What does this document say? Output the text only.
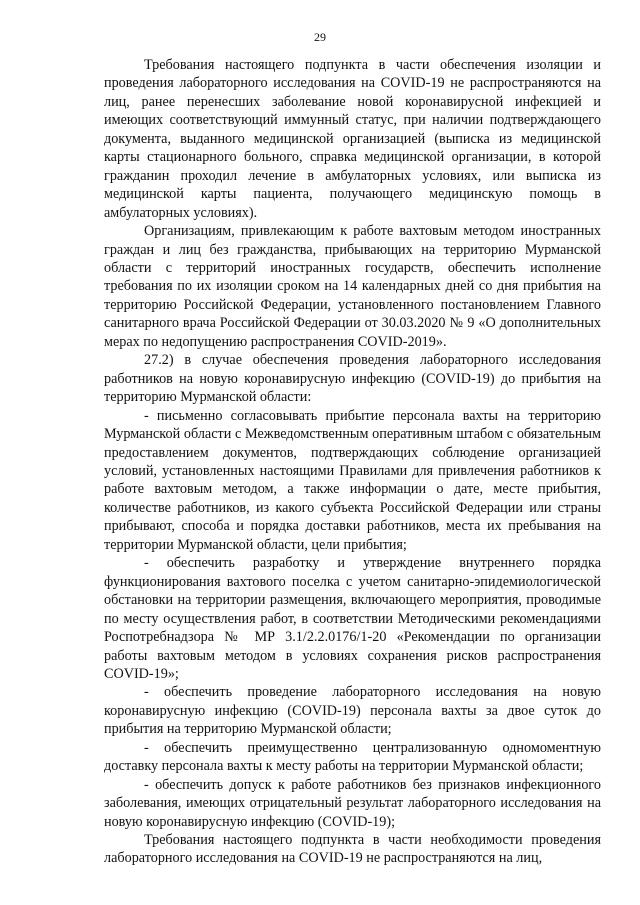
29

Требования настоящего подпункта в части обеспечения изоляции и проведения лабораторного исследования на COVID-19 не распространяются на лиц, ранее перенесших заболевание новой коронавирусной инфекцией и имеющих соответствующий иммунный статус, при наличии подтверждающего документа, выданного медицинской организацией (выписка из медицинской карты стационарного больного, справка медицинской организации, в которой гражданин проходил лечение в амбулаторных условиях, или выписка из медицинской карты пациента, получающего медицинскую помощь в амбулаторных условиях).

Организациям, привлекающим к работе вахтовым методом иностранных граждан и лиц без гражданства, прибывающих на территорию Мурманской области с территорий иностранных государств, обеспечить исполнение требования по их изоляции сроком на 14 календарных дней со дня прибытия на территорию Российской Федерации, установленного постановлением Главного санитарного врача Российской Федерации от 30.03.2020 № 9 «О дополнительных мерах по недопущению распространения COVID-2019».

27.2) в случае обеспечения проведения лабораторного исследования работников на новую коронавирусную инфекцию (COVID-19) до прибытия на территорию Мурманской области:

- письменно согласовывать прибытие персонала вахты на территорию Мурманской области с Межведомственным оперативным штабом с обязательным предоставлением документов, подтверждающих соблюдение организацией условий, установленных настоящими Правилами для привлечения работников к работе вахтовым методом, а также информации о дате, месте прибытия, количестве работников, из какого субъекта Российской Федерации или страны прибывают, способа и порядка доставки работников, места их пребывания на территории Мурманской области, цели прибытия;

- обеспечить разработку и утверждение внутреннего порядка функционирования вахтового поселка с учетом санитарно-эпидемиологической обстановки на территории размещения, включающего мероприятия, проводимые по месту осуществления работ, в соответствии Методическими рекомендациями Роспотребнадзора № МР 3.1/2.2.0176/1-20 «Рекомендации по организации работы вахтовым методом в условиях сохранения рисков распространения COVID-19»;

- обеспечить проведение лабораторного исследования на новую коронавирусную инфекцию (COVID-19) персонала вахты за двое суток до прибытия на территорию Мурманской области;

- обеспечить преимущественно централизованную одномоментную доставку персонала вахты к месту работы на территории Мурманской области;

- обеспечить допуск к работе работников без признаков инфекционного заболевания, имеющих отрицательный результат лабораторного исследования на новую коронавирусную инфекцию (COVID-19);

Требования настоящего подпункта в части необходимости проведения лабораторного исследования на COVID-19 не распространяются на лиц,
